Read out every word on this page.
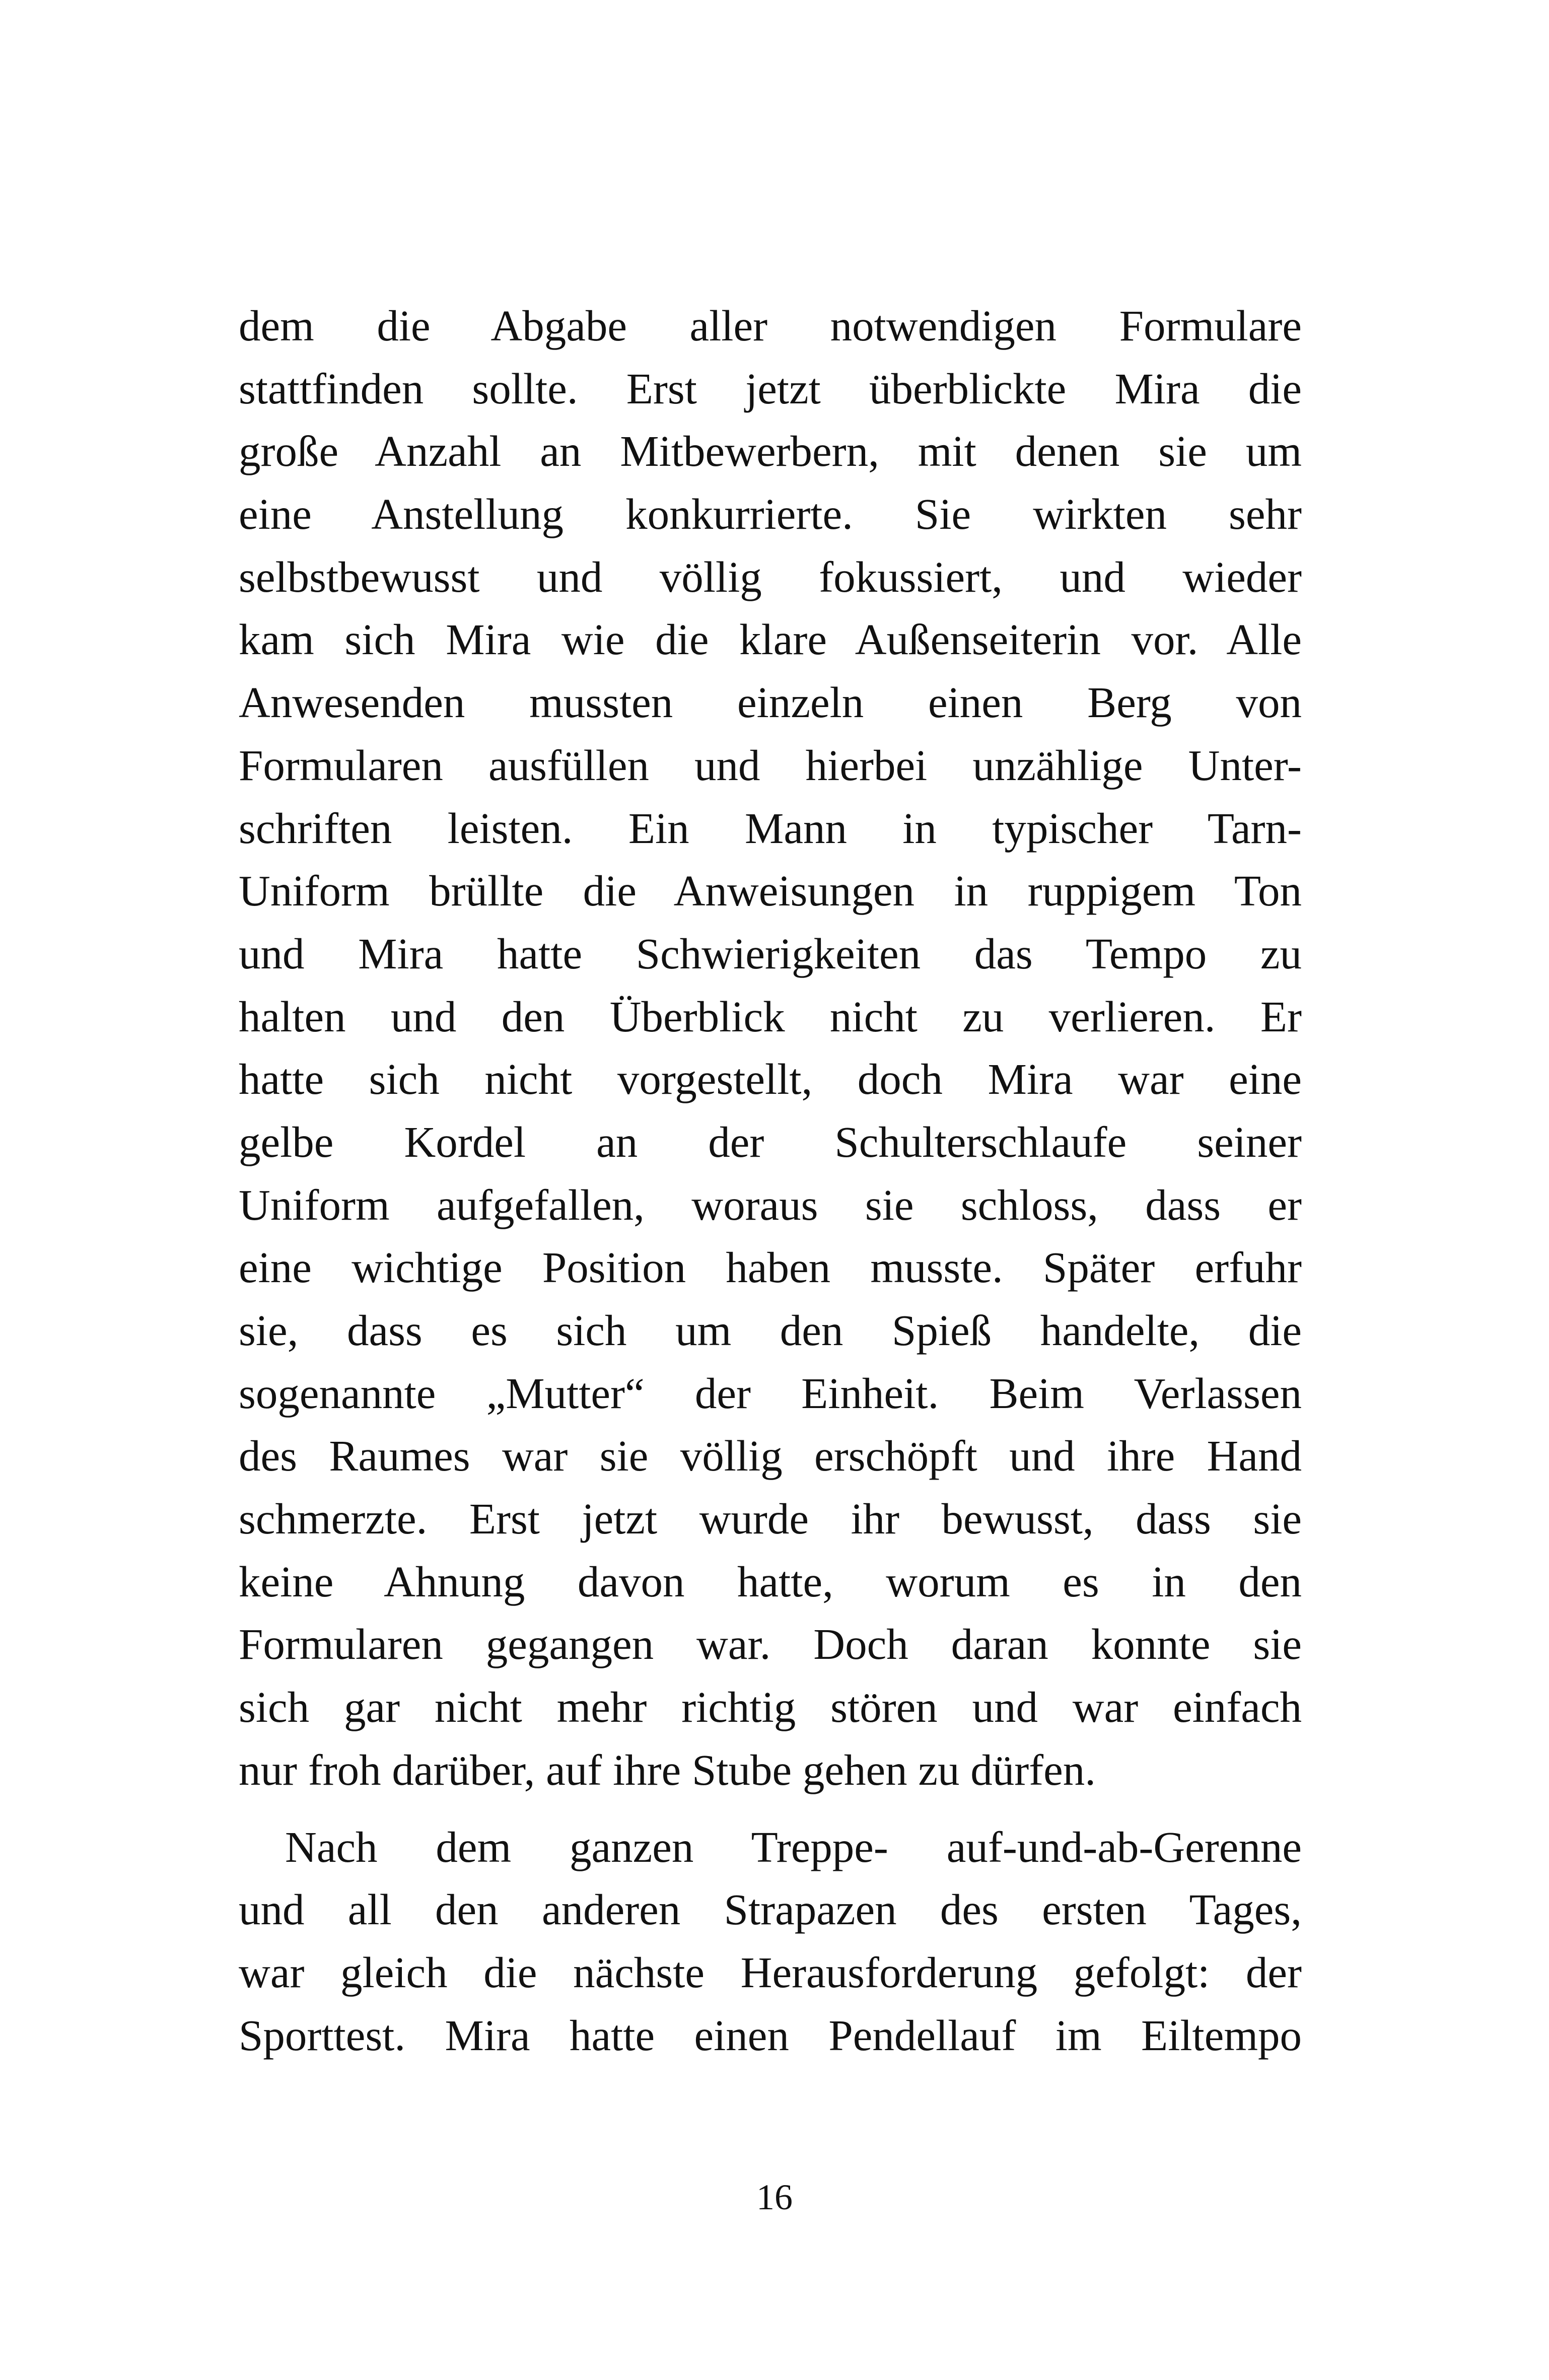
dem die Abgabe aller notwendigen Formulare
stattfinden sollte. Erst jetzt überblickte Mira die
große Anzahl an Mitbewerbern, mit denen sie um
eine Anstellung konkurrierte. Sie wirkten sehr
selbstbewusst und völlig fokussiert, und wieder
kam sich Mira wie die klare Außenseiterin vor. Alle
Anwesenden mussten einzeln einen Berg von
Formularen ausfüllen und hierbei unzählige Unter-
schriften leisten. Ein Mann in typischer Tarn-
Uniform brüllte die Anweisungen in ruppigem Ton
und Mira hatte Schwierigkeiten das Tempo zu
halten und den Überblick nicht zu verlieren. Er
hatte sich nicht vorgestellt, doch Mira war eine
gelbe Kordel an der Schulterschlaufe seiner
Uniform aufgefallen, woraus sie schloss, dass er
eine wichtige Position haben musste. Später erfuhr
sie, dass es sich um den Spieß handelte, die
sogenannte „Mutter“ der Einheit. Beim Verlassen
des Raumes war sie völlig erschöpft und ihre Hand
schmerzte. Erst jetzt wurde ihr bewusst, dass sie
keine Ahnung davon hatte, worum es in den
Formularen gegangen war. Doch daran konnte sie
sich gar nicht mehr richtig stören und war einfach
nur froh darüber, auf ihre Stube gehen zu dürfen.
Nach dem ganzen Treppe- auf-und-ab-Gerenne
und all den anderen Strapazen des ersten Tages,
war gleich die nächste Herausforderung gefolgt: der
Sporttest. Mira hatte einen Pendellauf im Eiltempo
16
